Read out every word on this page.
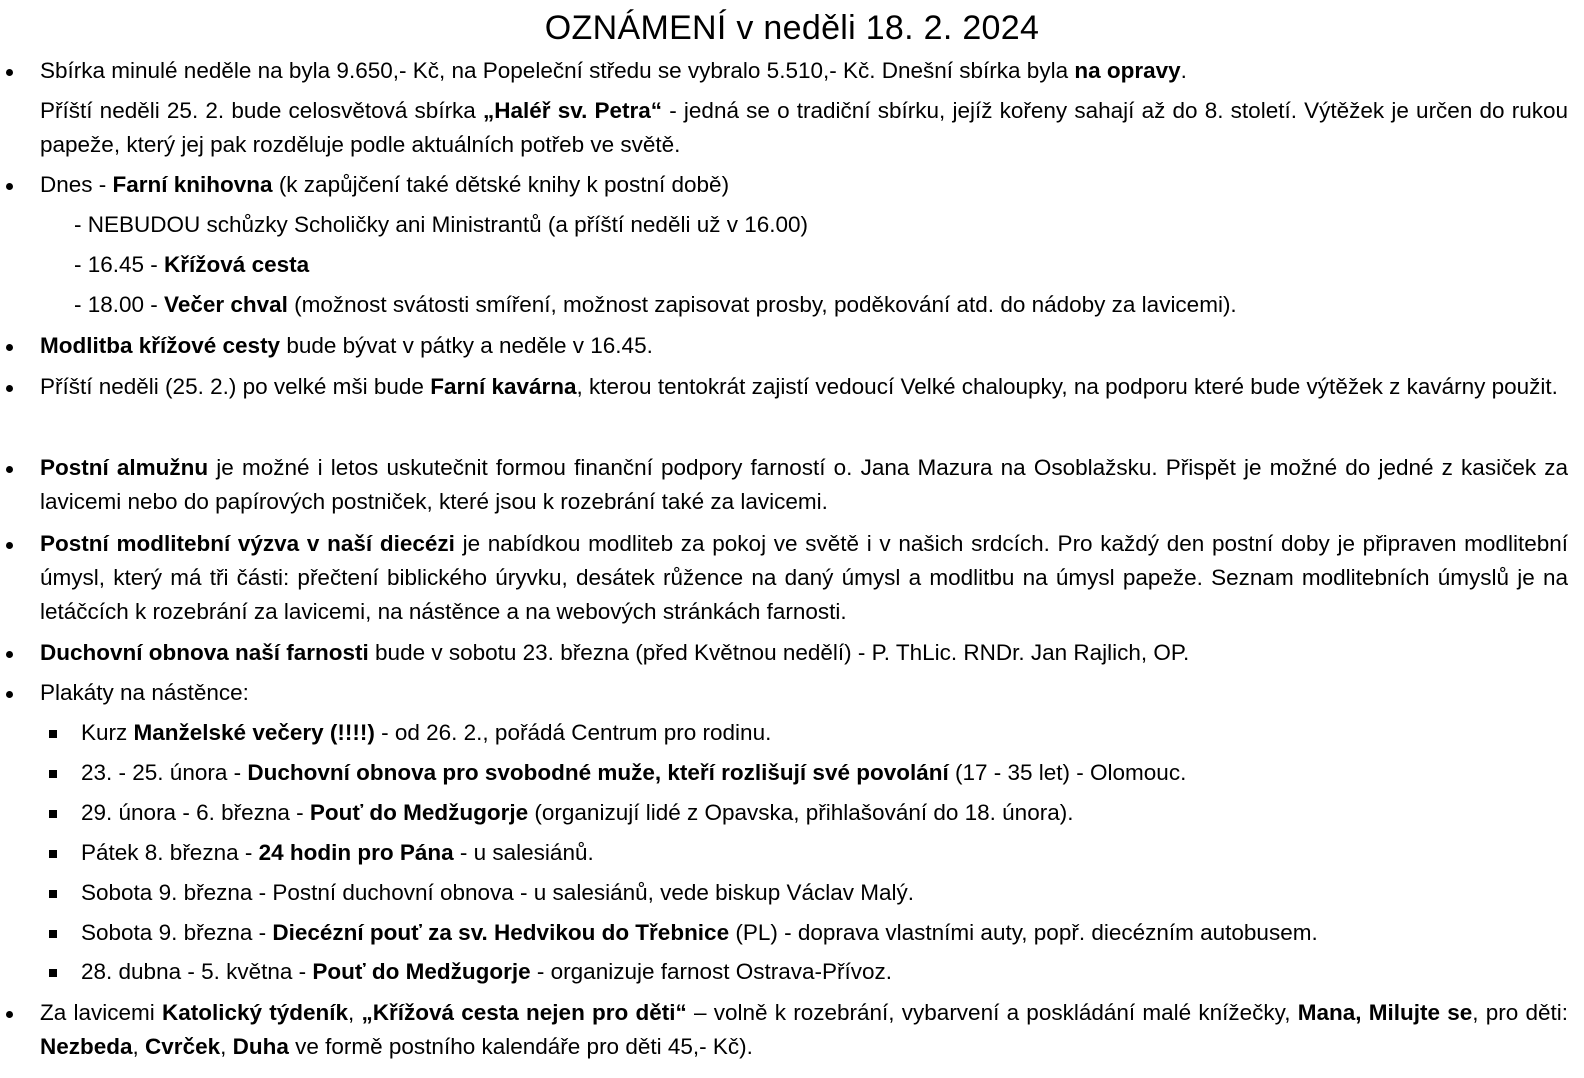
OZNÁMENÍ v neděli 18. 2. 2024
Sbírka minulé neděle na byla 9.650,- Kč, na Popeleční středu se vybralo 5.510,- Kč. Dnešní sbírka byla na opravy.
Příští neděli 25. 2. bude celosvětová sbírka „Haléř sv. Petra“ - jedná se o tradiční sbírku, jejíž kořeny sahají až do 8. století. Výtěžek je určen do rukou papeže, který jej pak rozděluje podle aktuálních potřeb ve světě.
Dnes - Farní knihovna (k zapůjčení také dětské knihy k postní době)
- NEBUDOU schůzky Scholičky ani Ministrantů (a příští neděli už v 16.00)
- 16.45 - Křížová cesta
- 18.00 - Večer chval (možnost svátosti smíření, možnost zapisovat prosby, poděkování atd. do nádoby za lavicemi).
Modlitba křížové cesty bude bývat v pátky a neděle v 16.45.
Příští neděli (25. 2.) po velké mši bude Farní kavárna, kterou tentokrát zajistí vedoucí Velké chaloupky, na podporu které bude výtěžek z kavárny použit.
Postní almužnu je možné i letos uskutečnit formou finanční podpory farností o. Jana Mazura na Osoblažsku. Přispět je možné do jedné z kasiček za lavicemi nebo do papírových postniček, které jsou k rozebrání také za lavicemi.
Postní modlitební výzva v naší diecézi je nabídkou modliteb za pokoj ve světě i v našich srdcích. Pro každý den postní doby je připraven modlitební úmysl, který má tři části: přečtení biblického úryvku, desátek růžence na daný úmysl a modlitbu na úmysl papeže. Seznam modlitebních úmyslů je na letáčcích k rozebrání za lavicemi, na nástěnce a na webových stránkách farnosti.
Duchovní obnova naší farnosti bude v sobotu 23. března (před Květnou nedělí) - P. ThLic. RNDr. Jan Rajlich, OP.
Plakáty na nástěnce:
Kurz Manželské večery (!!!!) - od 26. 2., pořádá Centrum pro rodinu.
23. - 25. února - Duchovní obnova pro svobodné muže, kteří rozlišují své povolání (17 - 35 let) - Olomouc.
29. února - 6. března - Pouť do Medžugorje (organizují lidé z Opavska, přihlašování do 18. února).
Pátek 8. března - 24 hodin pro Pána - u salesiánů.
Sobota 9. března - Postní duchovní obnova - u salesiánů, vede biskup Václav Malý.
Sobota 9. března - Diecézní pouť za sv. Hedvikou do Třebnice (PL) - doprava vlastními auty, popř. diecézním autobusem.
28. dubna - 5. května - Pouť do Medžugorje - organizuje farnost Ostrava-Přívoz.
Za lavicemi Katolický týdeník, „Křížová cesta nejen pro děti“ – volně k rozebrání, vybarvení a poskládání malé knížečky, Mana, Milujte se, pro děti: Nezbeda, Cvrček, Duha ve formě postního kalendáře pro děti 45,- Kč).
